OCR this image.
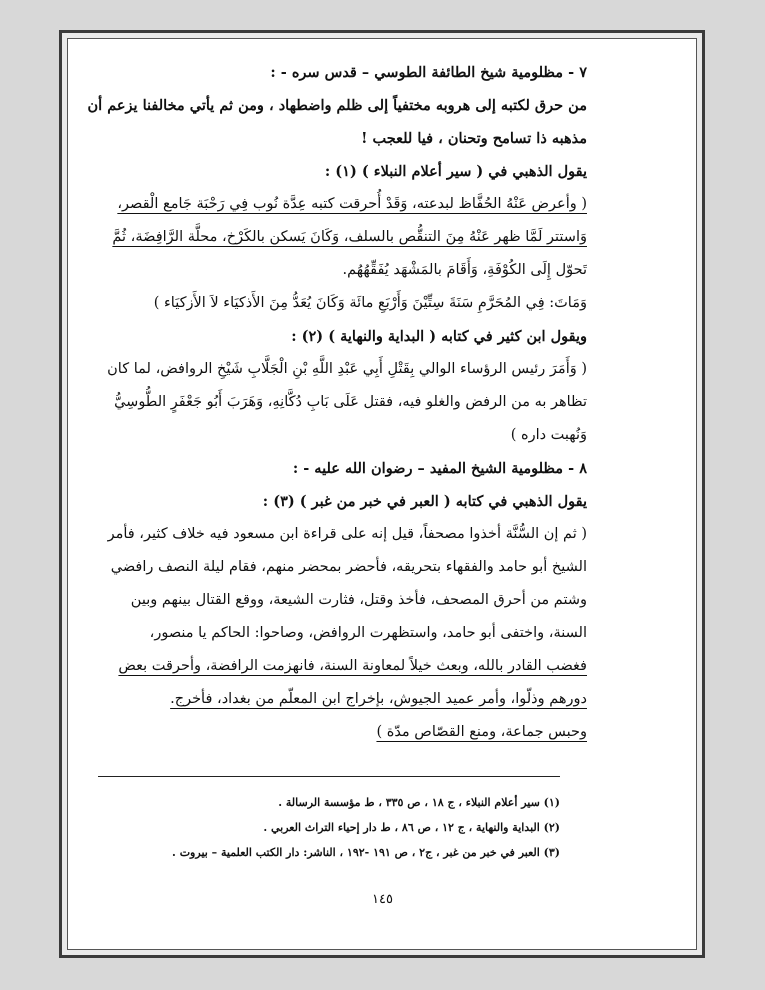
٧ - مظلومية شيخ الطائفة الطوسي – قدس سره - :
من حرق لكتبه إلى هروبه مختفياً إلى ظلم واضطهاد ، ومن ثم يأتي مخالفنا يزعم أن
مذهبه ذا تسامح وتحنان ، فيا للعجب !
يقول الذهبي في ( سير أعلام النبلاء ) (١) :
( وأعرض عَنْهُ الحُفَّاظ لبدعته، وَقَدْ أُحرقت كتبه عِدَّة نُوب فِي رَحْبَة جَامع الْقصر،
وَاستتر لَمَّا ظهر عَنْهُ مِنَ التنقُّص بالسلف، وَكَانَ يَسكن بالكَرْخ، محلَّة الرَّافِضَة، ثُمَّ
تَحوّل إِلَى الكُوْفَةِ، وَأَقَامَ بالمَشْهَد يُفَقِّهُهُم.
وَمَاتَ: فِي المُحَرَّمِ سَنَةَ سِتِّيْنَ وَأَرْبَعِ مائَة وَكَانَ يُعَدُّ مِنَ الأَذكيَاء لاَ الأَزكيَاء )
ويقول ابن كثير في كتابه ( البداية والنهاية ) (٢) :
( وَأَمَرَ رئيس الرؤساء الوالي بِقَتْلِ أَبِي عَبْدِ اللَّهِ بْنِ الْجَلَّابِ شَيْخِ الروافض، لما كان
تظاهر به من الرفض والغلو فيه، فقتل عَلَى بَابِ دُكَّانِهِ، وَهَرَبَ أَبُو جَعْفَرٍ الطُّوسِيُّ
وَنُهبت داره )
٨ - مظلومية الشيخ المفيد – رضوان الله عليه - :
يقول الذهبي في كتابه ( العبر في خبر من غبر ) (٣) :
( ثم إن السُّنَّة أخذوا مصحفاً، قيل إنه على قراءة ابن مسعود فيه خلاف كثير، فأمر
الشيخ أبو حامد والفقهاء بتحريقه، فأحضر بمحضر منهم، فقام ليلة النصف رافضي
وشتم من أحرق المصحف، فأخذ وقتل، فثارت الشيعة، ووقع القتال بينهم وبين
السنة، واختفى أبو حامد، واستظهرت الروافض، وصاحوا: الحاكم يا منصور،
فغضب القادر بالله، وبعث خيلاً لمعاونة السنة، فانهزمت الرافضة، وأحرقت بعض
دورهم وذلّوا، وأمر عميد الجيوش، بإخراج ابن المعلّم من بغداد، فأخرج.
وحبس جماعة، ومنع القصّاص مدّة )
(١) سير أعلام النبلاء ، ج ١٨ ، ص ٣٣٥ ، ط مؤسسة الرسالة .
(٢) البداية والنهاية ، ج ١٢ ، ص ٨٦ ، ط دار إحياء التراث العربي .
(٣) العبر في خبر من غبر ، ج٢ ، ص ١٩١ -١٩٢ ، الناشر: دار الكتب العلمية – بيروت .
١٤٥
